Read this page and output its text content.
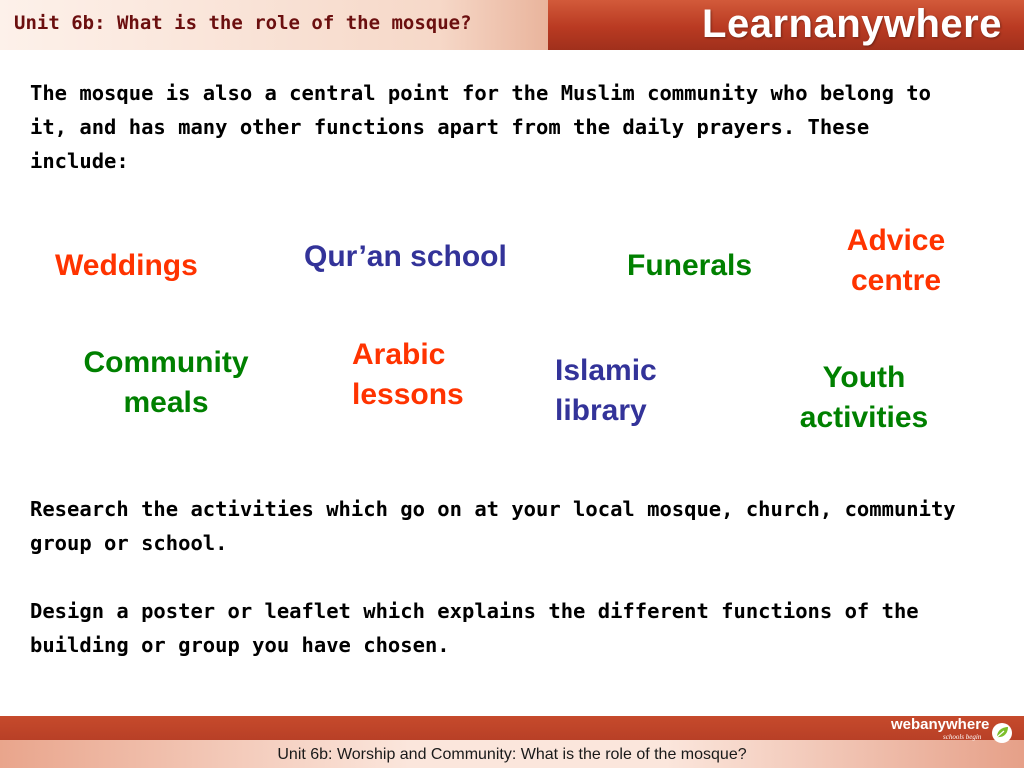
Unit 6b: What is the role of the mosque?	Learnanywhere
The mosque is also a central point for the Muslim community who belong to it, and has many other functions apart from the daily prayers. These include:
Weddings	Qur’an school	Funerals
Advice
centre
Community
meals
Arabic
lessons
Islamic
library
Youth
activities
Research the activities which go on at your local mosque, church, community group or school.
Design a poster or leaflet which explains the different functions of the building or group you have chosen.
Unit 6b: Worship and Community: What is the role of the mosque?
webanywhere
schools begin
